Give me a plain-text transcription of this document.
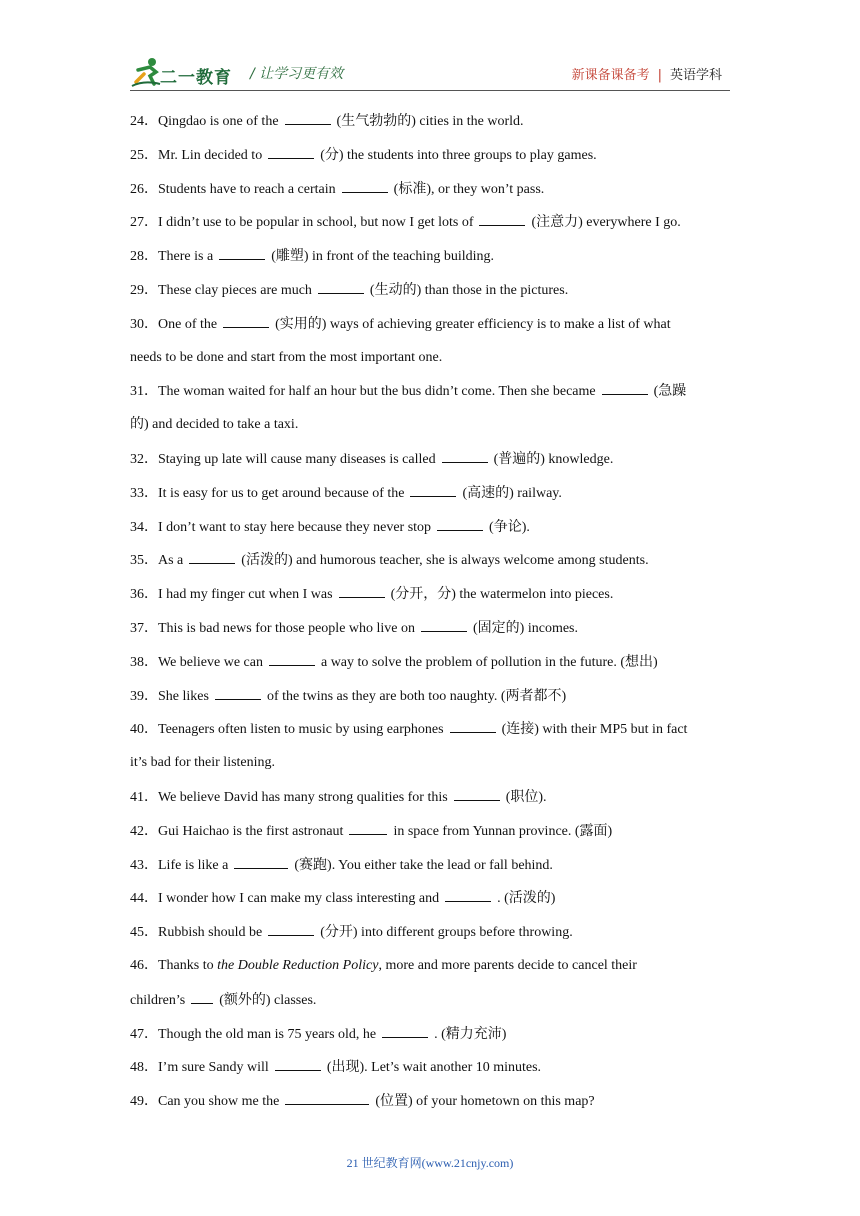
二一教育 / 让学习更有效	新课备课备考 | 英语学科
24．Qingdao is one of the	(生气勃勃的) cities in the world.
25．Mr. Lin decided to	(分) the students into three groups to play games.
26．Students have to reach a certain	(标准), or they won’t pass.
27．I didn’t use to be popular in school, but now I get lots of	(注意力) everywhere I go.
28．There is a	(雕塑) in front of the teaching building.
29．These clay pieces are much	(生动的) than those in the pictures.
30．One of the	(实用的) ways of achieving greater efficiency is to make a list of what
needs to be done and start from the most important one.
31．The woman waited for half an hour but the bus didn’t come. Then she became	(急躁
的) and decided to take a taxi.
32．Staying up late will cause many diseases is called	(普遍的) knowledge.
33．It is easy for us to get around because of the	(高速的) railway.
34．I don’t want to stay here because they never stop	(争论).
35．As a	(活泼的) and humorous teacher, she is always welcome among students.
36．I had my finger cut when I was	(分开，分) the watermelon into pieces.
37．This is bad news for those people who live on	(固定的) incomes.
38．We believe we can	a way to solve the problem of pollution in the future. (想出)
39．She likes	of the twins as they are both too naughty. (两者都不)
40．Teenagers often listen to music by using earphones	(连接) with their MP5 but in fact
it’s bad for their listening.
41．We believe David has many strong qualities for this	(职位).
42．Gui Haichao is the first astronaut	in space from Yunnan province. (露面)
43．Life is like a	(赛跑). You either take the lead or fall behind.
44．I wonder how I can make my class interesting and	. (活泼的)
45．Rubbish should be	(分开) into different groups before throwing.
46．Thanks to the Double Reduction Policy, more and more parents decide to cancel their
children’s (额外的) classes.
47．Though the old man is 75 years old, he	. (精力充沛)
48．I’m sure Sandy will	(出现). Let’s wait another 10 minutes.
49．Can you show me the	(位置) of your hometown on this map?
21 世纪教育网(www.21cnjy.com)
